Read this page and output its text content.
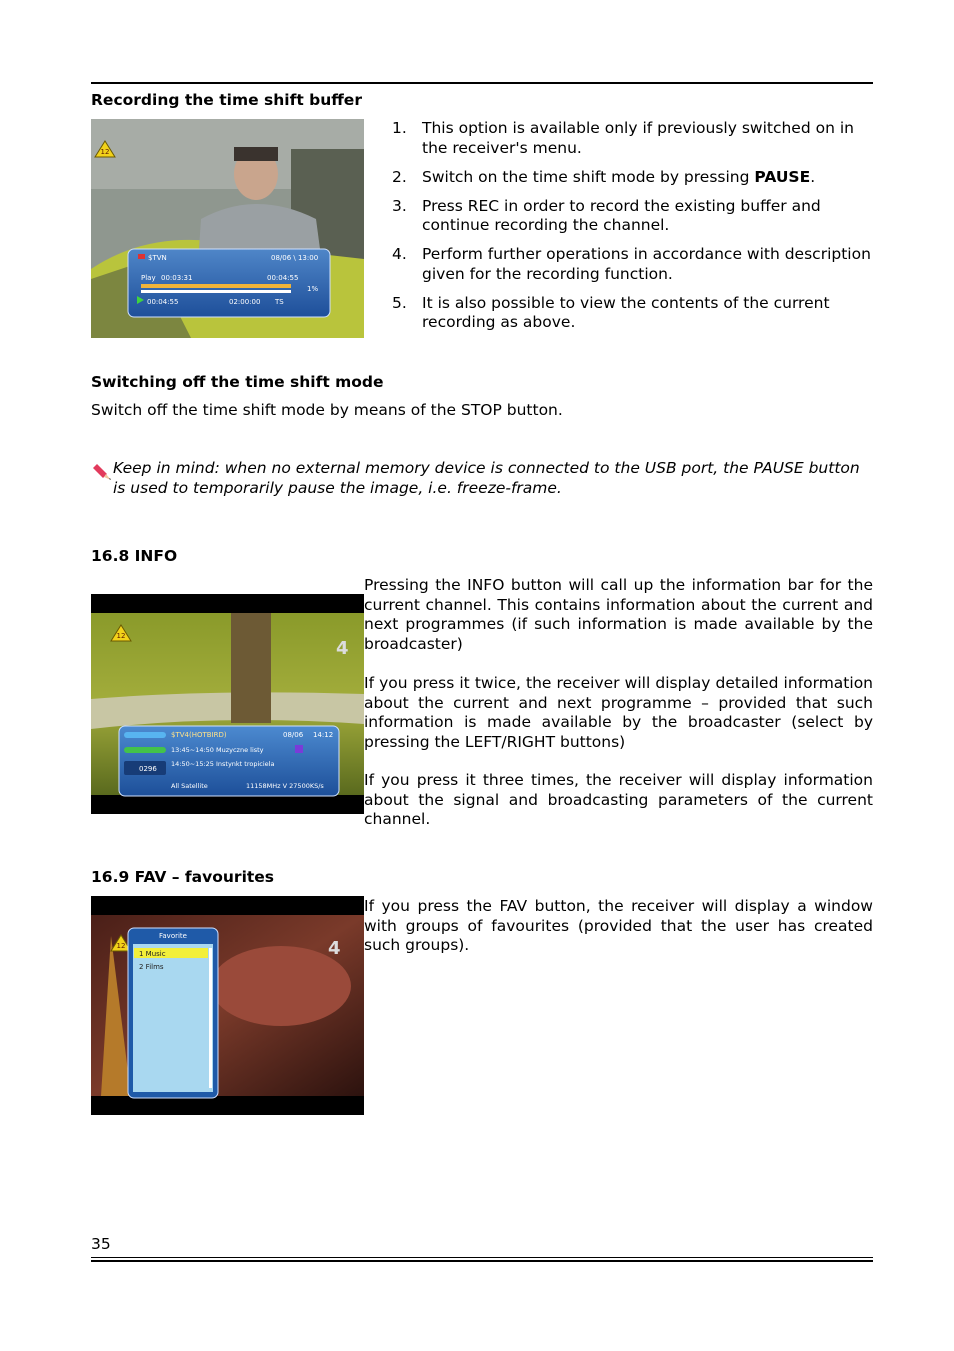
Recording the time shift buffer
12
$TVN	08/06 \ 13:00
Play 00:03:31	00:04:55
1%
00:04:55	02:00:00 TS
1. This option is available only if previously switched on in the receiver's menu.
2. Switch on the time shift mode by pressing PAUSE.
3. Press REC in order to record the existing buffer and continue recording the channel.
4. Perform further operations in accordance with description given for the recording function.
5. It is also possible to view the contents of the current recording as above.
Switching off the time shift mode
Switch off the time shift mode by means of the STOP button.
Keep in mind: when no external memory device is connected to the USB port, the PAUSE button is used to temporarily pause the image, i.e. freeze-frame.
16.8 INFO
12
4
0296
$TV4(HOTBIRD)	08/06 14:12
13:45~14:50 Muzyczne listy
14:50~15:25 Instynkt tropiciela
All Satellite	11158MHz V 27500KS/s
Pressing the INFO button will call up the information bar for the current channel. This contains information about the current and next programmes (if such information is made available by the broadcaster)
If you press it twice, the receiver will display detailed information about the current and next programme – provided that such information is made available by the broadcaster (select by pressing the LEFT/RIGHT buttons)
If you press it three times, the receiver will display information about the signal and broadcasting parameters of the current channel.
16.9 FAV – favourites
12	4
Favorite
1 Music
2 Films
If you press the FAV button, the receiver will display a window with groups of favourites (provided that the user has created such groups).
35
